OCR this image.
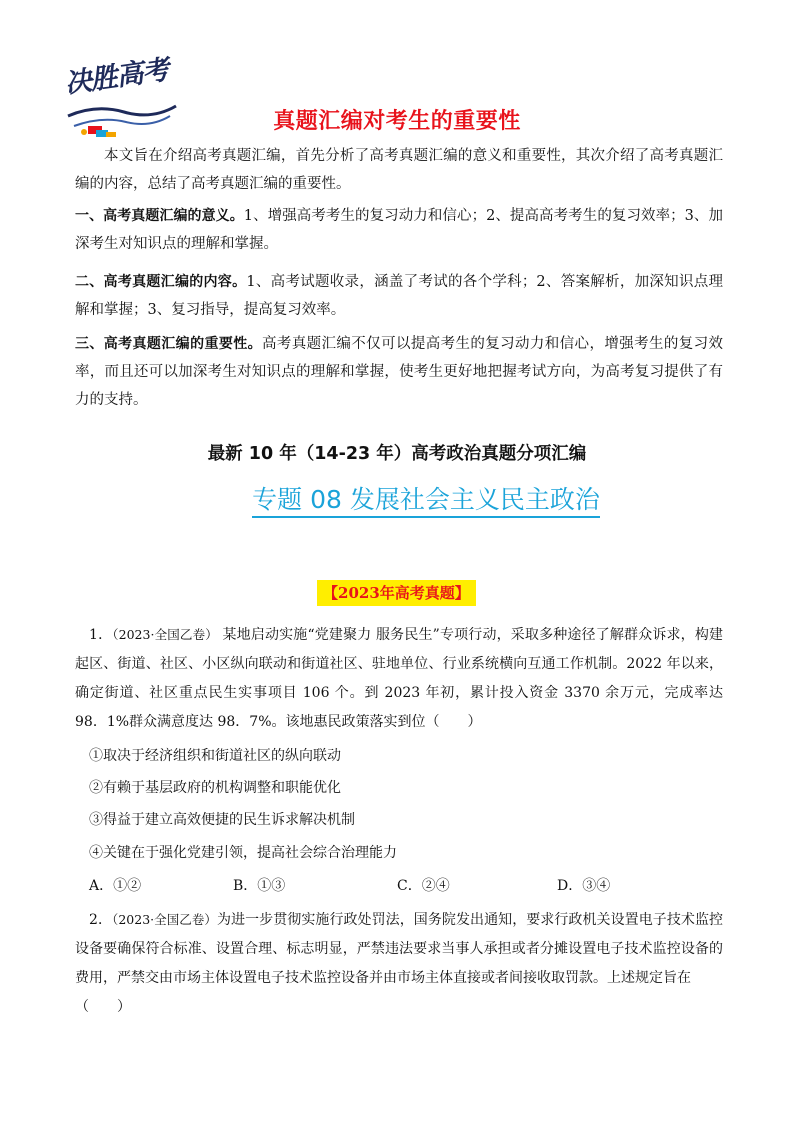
决胜高考
真题汇编对考生的重要性

本文旨在介绍高考真题汇编，首先分析了高考真题汇编的意义和重要性，其次介绍了高考真题汇编的内容，总结了高考真题汇编的重要性。

一、高考真题汇编的意义。1、增强高考考生的复习动力和信心；2、提高高考考生的复习效率；3、加深考生对知识点的理解和掌握。

二、高考真题汇编的内容。1、高考试题收录，涵盖了考试的各个学科；2、答案解析，加深知识点理解和掌握；3、复习指导，提高复习效率。

三、高考真题汇编的重要性。高考真题汇编不仅可以提高考生的复习动力和信心，增强考生的复习效率，而且还可以加深考生对知识点的理解和掌握，使考生更好地把握考试方向，为高考复习提供了有力的支持。

最新 10 年（14-23 年）高考政治真题分项汇编
专题 08 发展社会主义民主政治
【2023年高考真题】

1．（2023·全国乙卷） 某地启动实施“党建聚力 服务民生”专项行动，采取多种途径了解群众诉求，构建起区、街道、社区、小区纵向联动和街道社区、驻地单位、行业系统横向互通工作机制。2022 年以来，确定街道、社区重点民生实事项目 106 个。到 2023 年初，累计投入资金 3370 余万元，完成率达 98．1%群众满意度达 98．7%。该地惠民政策落实到位（　　）

①取决于经济组织和街道社区的纵向联动
②有赖于基层政府的机构调整和职能优化
③得益于建立高效便捷的民生诉求解决机制
④关键在于强化党建引领，提高社会综合治理能力
A．①②	B．①③	C．②④	D．③④

2．（2023·全国乙卷）为进一步贯彻实施行政处罚法，国务院发出通知，要求行政机关设置电子技术监控设备要确保符合标准、设置合理、标志明显，严禁违法要求当事人承担或者分摊设置电子技术监控设备的费用，严禁交由市场主体设置电子技术监控设备并由市场主体直接或者间接收取罚款。上述规定旨在
（　　）
